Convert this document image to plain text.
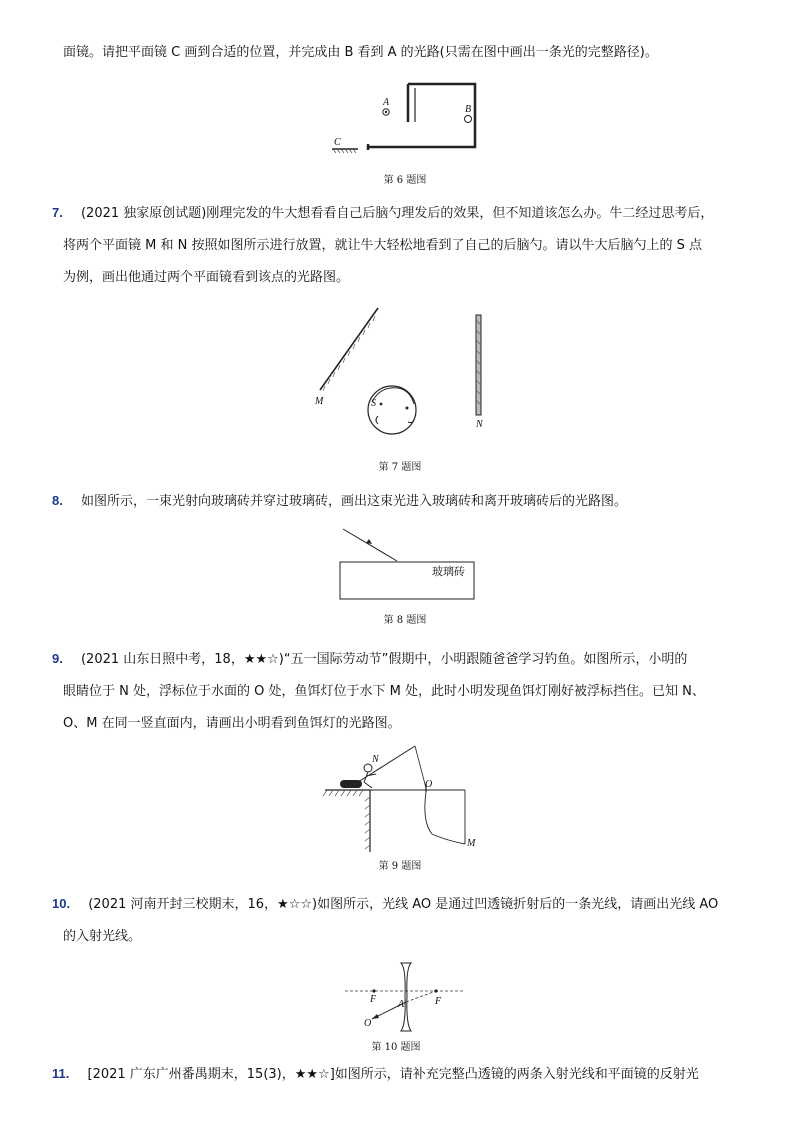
面镜。请把平面镜 C 画到合适的位置，并完成由 B 看到 A 的光路(只需在图中画出一条光的完整路径)。
A
B
C
第 6 题图
7. (2021 独家原创试题)刚理完发的牛大想看看自己后脑勺理发后的效果，但不知道该怎么办。牛二经过思考后，
将两个平面镜 M 和 N 按照如图所示进行放置，就让牛大轻松地看到了自己的后脑勺。请以牛大后脑勺上的 S 点
为例，画出他通过两个平面镜看到该点的光路图。
M
N
S
第 7 题图
8. 如图所示，一束光射向玻璃砖并穿过玻璃砖，画出这束光进入玻璃砖和离开玻璃砖后的光路图。
玻璃砖
第 8 题图
9. (2021 山东日照中考，18，★★☆)“五一国际劳动节”假期中，小明跟随爸爸学习钓鱼。如图所示，小明的
眼睛位于 N 处，浮标位于水面的 O 处，鱼饵灯位于水下 M 处，此时小明发现鱼饵灯刚好被浮标挡住。已知 N、
O、M 在同一竖直面内，请画出小明看到鱼饵灯的光路图。
N
O
M
第 9 题图
10. (2021 河南开封三校期末，16，★☆☆)如图所示，光线 AO 是通过凹透镜折射后的一条光线，请画出光线 AO
的入射光线。
F A	F
O
第 10 题图
11. [2021 广东广州番禺期末，15(3)，★★☆]如图所示，请补充完整凸透镜的两条入射光线和平面镜的反射光
